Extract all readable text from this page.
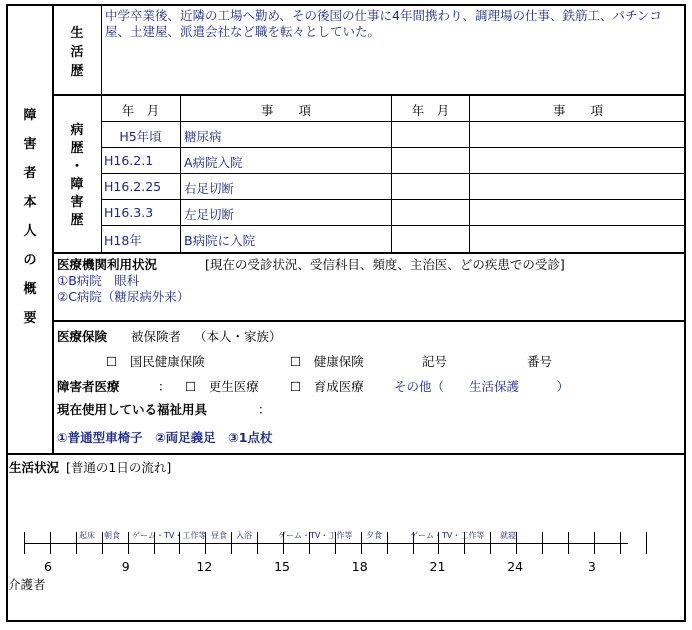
障
害
者
本
人
の
概
要
生
活
歴
中学卒業後、近隣の工場へ勤め、その後国の仕事に4年間携わり、調理場の仕事、鉄筋工、パチンコ屋、土建屋、派遣会社など職を転々としていた。
病
歴
・
障
害
歴
年　月	事　　項	年　月	事　　項
H5年頃	糖尿病
H16.2.1 A病院入院
H16.2.25 右足切断
H16.3.3 左足切断
H18年	B病院に入院
医療機関利用状況	[現在の受診状況、受信科目、頻度、主治医、どの疾患での受診]
①B病院　眼科
②C病院（糖尿病外来）
医療保険 被保険者 （本人・家族）
☐　国民健康保険	☐　健康保険	記号	番号
障害者医療	： ☐　更生医療	☐　育成医療 その他（　　生活保護　　　）
現在使用している福祉用具	：
①普通型車椅子　②両足義足　③1点杖
生活状況 [普通の1日の流れ]
起床 朝食 ゲーム・TV・工作等 昼食 入浴	ゲーム・TV・工作等 夕食	ゲーム・TV・工作等 就寝
6	9	12	15	18	21	24	3
介護者
